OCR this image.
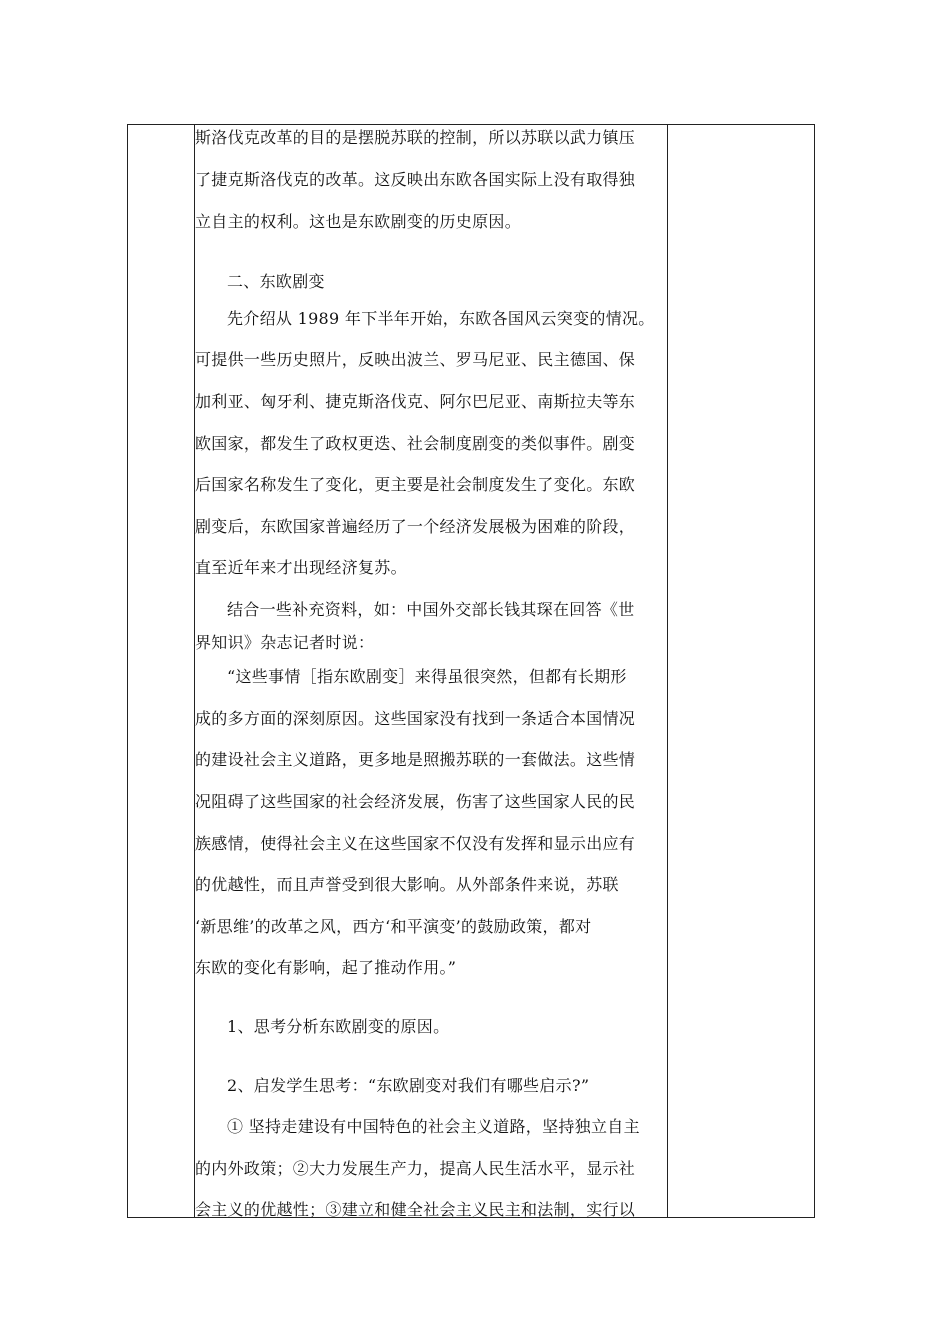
斯洛伐克改革的目的是摆脱苏联的控制，所以苏联以武力镇压
了捷克斯洛伐克的改革。这反映出东欧各国实际上没有取得独
立自主的权利。这也是东欧剧变的历史原因。
二、东欧剧变
先介绍从 1989 年下半年开始，东欧各国风云突变的情况。
可提供一些历史照片，反映出波兰、罗马尼亚、民主德国、保
加利亚、匈牙利、捷克斯洛伐克、阿尔巴尼亚、南斯拉夫等东
欧国家，都发生了政权更迭、社会制度剧变的类似事件。剧变
后国家名称发生了变化，更主要是社会制度发生了变化。东欧
剧变后，东欧国家普遍经历了一个经济发展极为困难的阶段，
直至近年来才出现经济复苏。
结合一些补充资料，如：中国外交部长钱其琛在回答《世
界知识》杂志记者时说：
“这些事情［指东欧剧变］来得虽很突然，但都有长期形
成的多方面的深刻原因。这些国家没有找到一条适合本国情况
的建设社会主义道路，更多地是照搬苏联的一套做法。这些情
况阻碍了这些国家的社会经济发展，伤害了这些国家人民的民
族感情，使得社会主义在这些国家不仅没有发挥和显示出应有
的优越性，而且声誉受到很大影响。从外部条件来说，苏联
‘新思维’的改革之风，西方‘和平演变’的鼓励政策，都对
东欧的变化有影响，起了推动作用。”
1、思考分析东欧剧变的原因。
2、启发学生思考：“东欧剧变对我们有哪些启示?”
① 坚持走建设有中国特色的社会主义道路，坚持独立自主
的内外政策；②大力发展生产力，提高人民生活水平，显示社
会主义的优越性；③建立和健全社会主义民主和法制，实行以
